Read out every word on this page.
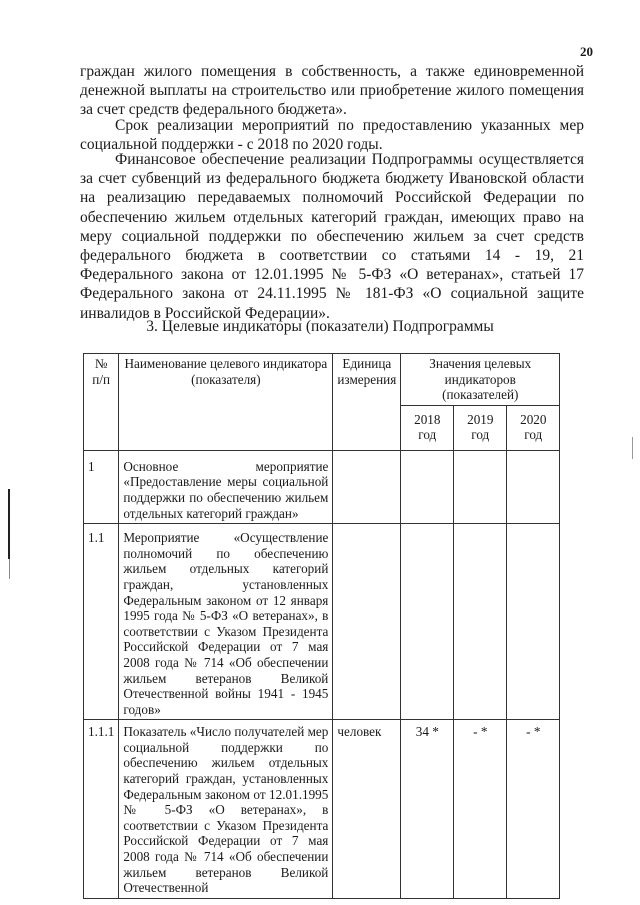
20

граждан жилого помещения в собственность, а также единовременной денежной выплаты на строительство или приобретение жилого помещения за счет средств федерального бюджета».

Срок реализации мероприятий по предоставлению указанных мер социальной поддержки - с 2018 по 2020 годы.

Финансовое обеспечение реализации Подпрограммы осуществляется за счет субвенций из федерального бюджета бюджету Ивановской области на реализацию передаваемых полномочий Российской Федерации по обеспечению жильем отдельных категорий граждан, имеющих право на меру социальной поддержки по обеспечению жильем за счет средств федерального бюджета в соответствии со статьями 14 - 19, 21 Федерального закона от 12.01.1995 № 5-ФЗ «О ветеранах», статьей 17 Федерального закона от 24.11.1995 № 181-ФЗ «О социальной защите инвалидов в Российской Федерации».

3. Целевые индикаторы (показатели) Подпрограммы
№ п/п	Наименование целевого индикатора (показателя)	Единица измерения	Значения целевых индикаторов (показателей)		
			2018 год	2019 год	2020 год
1	Основное мероприятие «Предоставление меры социальной поддержки по обеспечению жильем отдельных категорий граждан»				
1.1	Мероприятие «Осуществление полномочий по обеспечению жильем отдельных категорий граждан, установленных Федеральным законом от 12 января 1995 года № 5-ФЗ «О ветеранах», в соответствии с Указом Президента Российской Федерации от 7 мая 2008 года № 714 «Об обеспечении жильем ветеранов Великой Отечественной войны 1941 - 1945 годов»				
1.1.1	Показатель «Число получателей мер социальной поддержки по обеспечению жильем отдельных категорий граждан, установленных Федеральным законом от 12.01.1995 № 5-ФЗ «О ветеранах», в соответствии с Указом Президента Российской Федерации от 7 мая 2008 года № 714 «Об обеспечении жильем ветеранов Великой Отечественной	человек	34 *	- *	- *
